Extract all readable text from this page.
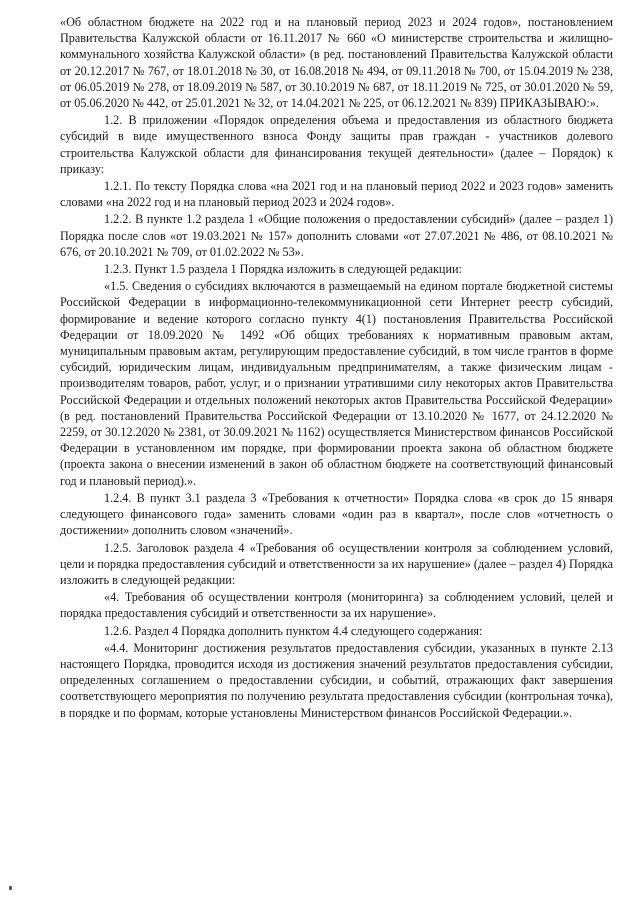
«Об областном бюджете на 2022 год и на плановый период 2023 и 2024 годов», постановлением Правительства Калужской области от 16.11.2017 № 660 «О министерстве строительства и жилищно-коммунального хозяйства Калужской области» (в ред. постановлений Правительства Калужской области от 20.12.2017 № 767, от 18.01.2018 № 30, от 16.08.2018 № 494, от 09.11.2018 № 700, от 15.04.2019 № 238, от 06.05.2019 № 278, от 18.09.2019 № 587, от 30.10.2019 № 687, от 18.11.2019 № 725, от 30.01.2020 № 59, от 05.06.2020 № 442, от 25.01.2021 № 32, от 14.04.2021 № 225, от 06.12.2021 № 839) ПРИКАЗЫВАЮ:».

1.2. В приложении «Порядок определения объема и предоставления из областного бюджета субсидий в виде имущественного взноса Фонду защиты прав граждан - участников долевого строительства Калужской области для финансирования текущей деятельности» (далее – Порядок) к приказу:

1.2.1. По тексту Порядка слова «на 2021 год и на плановый период 2022 и 2023 годов» заменить словами «на 2022 год и на плановый период 2023 и 2024 годов».

1.2.2. В пункте 1.2 раздела 1 «Общие положения о предоставлении субсидий» (далее – раздел 1) Порядка после слов «от 19.03.2021 № 157» дополнить словами «от 27.07.2021 № 486, от 08.10.2021 № 676, от 20.10.2021 № 709, от 01.02.2022 № 53».

1.2.3. Пункт 1.5 раздела 1 Порядка изложить в следующей редакции:

«1.5. Сведения о субсидиях включаются в размещаемый на едином портале бюджетной системы Российской Федерации в информационно-телекоммуникационной сети Интернет реестр субсидий, формирование и ведение которого согласно пункту 4(1) постановления Правительства Российской Федерации от 18.09.2020 № 1492 «Об общих требованиях к нормативным правовым актам, муниципальным правовым актам, регулирующим предоставление субсидий, в том числе грантов в форме субсидий, юридическим лицам, индивидуальным предпринимателям, а также физическим лицам - производителям товаров, работ, услуг, и о признании утратившими силу некоторых актов Правительства Российской Федерации и отдельных положений некоторых актов Правительства Российской Федерации» (в ред. постановлений Правительства Российской Федерации от 13.10.2020 № 1677, от 24.12.2020 № 2259, от 30.12.2020 № 2381, от 30.09.2021 № 1162) осуществляется Министерством финансов Российской Федерации в установленном им порядке, при формировании проекта закона об областном бюджете (проекта закона о внесении изменений в закон об областном бюджете на соответствующий финансовый год и плановый период).».

1.2.4. В пункт 3.1 раздела 3 «Требования к отчетности» Порядка слова «в срок до 15 января следующего финансового года» заменить словами «один раз в квартал», после слов «отчетность о достижении» дополнить словом «значений».

1.2.5. Заголовок раздела 4 «Требования об осуществлении контроля за соблюдением условий, цели и порядка предоставления субсидий и ответственности за их нарушение» (далее – раздел 4) Порядка изложить в следующей редакции:

«4. Требования об осуществлении контроля (мониторинга) за соблюдением условий, целей и порядка предоставления субсидий и ответственности за их нарушение».

1.2.6. Раздел 4 Порядка дополнить пунктом 4.4 следующего содержания:

«4.4. Мониторинг достижения результатов предоставления субсидии, указанных в пункте 2.13 настоящего Порядка, проводится исходя из достижения значений результатов предоставления субсидии, определенных соглашением о предоставлении субсидии, и событий, отражающих факт завершения соответствующего мероприятия по получению результата предоставления субсидии (контрольная точка), в порядке и по формам, которые установлены Министерством финансов Российской Федерации.».
